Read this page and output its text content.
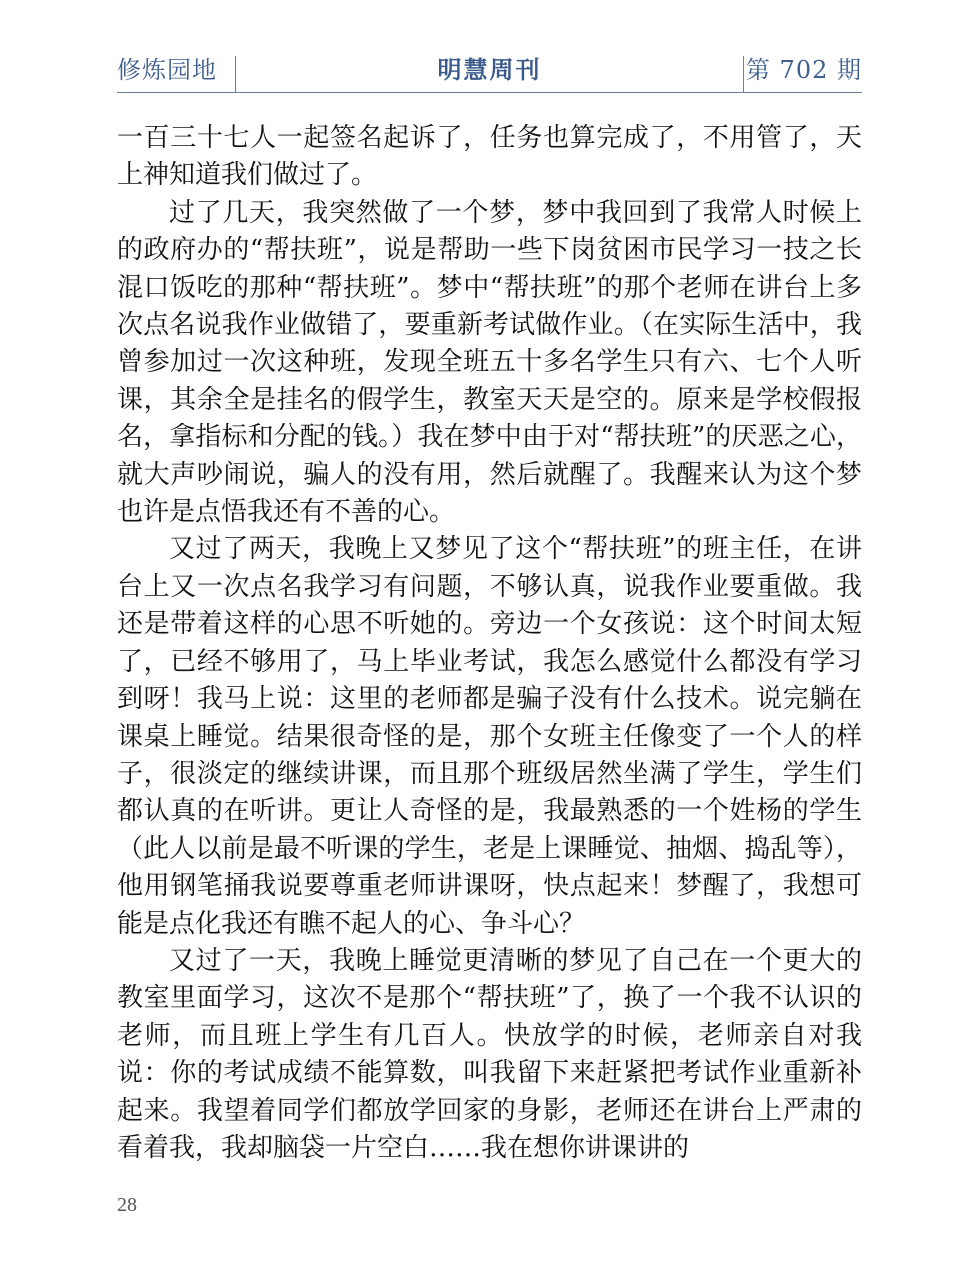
修炼园地	明慧周刊	第 702 期

一百三十七人一起签名起诉了，任务也算完成了，不用管了，天上神知道我们做过了。

过了几天，我突然做了一个梦，梦中我回到了我常人时候上的政府办的“帮扶班”，说是帮助一些下岗贫困市民学习一技之长混口饭吃的那种“帮扶班”。梦中“帮扶班”的那个老师在讲台上多次点名说我作业做错了，要重新考试做作业。（在实际生活中，我曾参加过一次这种班，发现全班五十多名学生只有六、七个人听课，其余全是挂名的假学生，教室天天是空的。原来是学校假报名，拿指标和分配的钱。）我在梦中由于对“帮扶班”的厌恶之心，就大声吵闹说，骗人的没有用，然后就醒了。我醒来认为这个梦也许是点悟我还有不善的心。

又过了两天，我晚上又梦见了这个“帮扶班”的班主任，在讲台上又一次点名我学习有问题，不够认真，说我作业要重做。我还是带着这样的心思不听她的。旁边一个女孩说：这个时间太短了，已经不够用了，马上毕业考试，我怎么感觉什么都没有学习到呀！我马上说：这里的老师都是骗子没有什么技术。说完躺在课桌上睡觉。结果很奇怪的是，那个女班主任像变了一个人的样子，很淡定的继续讲课，而且那个班级居然坐满了学生，学生们都认真的在听讲。更让人奇怪的是，我最熟悉的一个姓杨的学生（此人以前是最不听课的学生，老是上课睡觉、抽烟、捣乱等），他用钢笔捅我说要尊重老师讲课呀，快点起来！梦醒了，我想可能是点化我还有瞧不起人的心、争斗心？

又过了一天，我晚上睡觉更清晰的梦见了自己在一个更大的教室里面学习，这次不是那个“帮扶班”了，换了一个我不认识的老师，而且班上学生有几百人。快放学的时候，老师亲自对我说：你的考试成绩不能算数，叫我留下来赶紧把考试作业重新补起来。我望着同学们都放学回家的身影，老师还在讲台上严肃的看着我，我却脑袋一片空白……我在想你讲课讲的

28
